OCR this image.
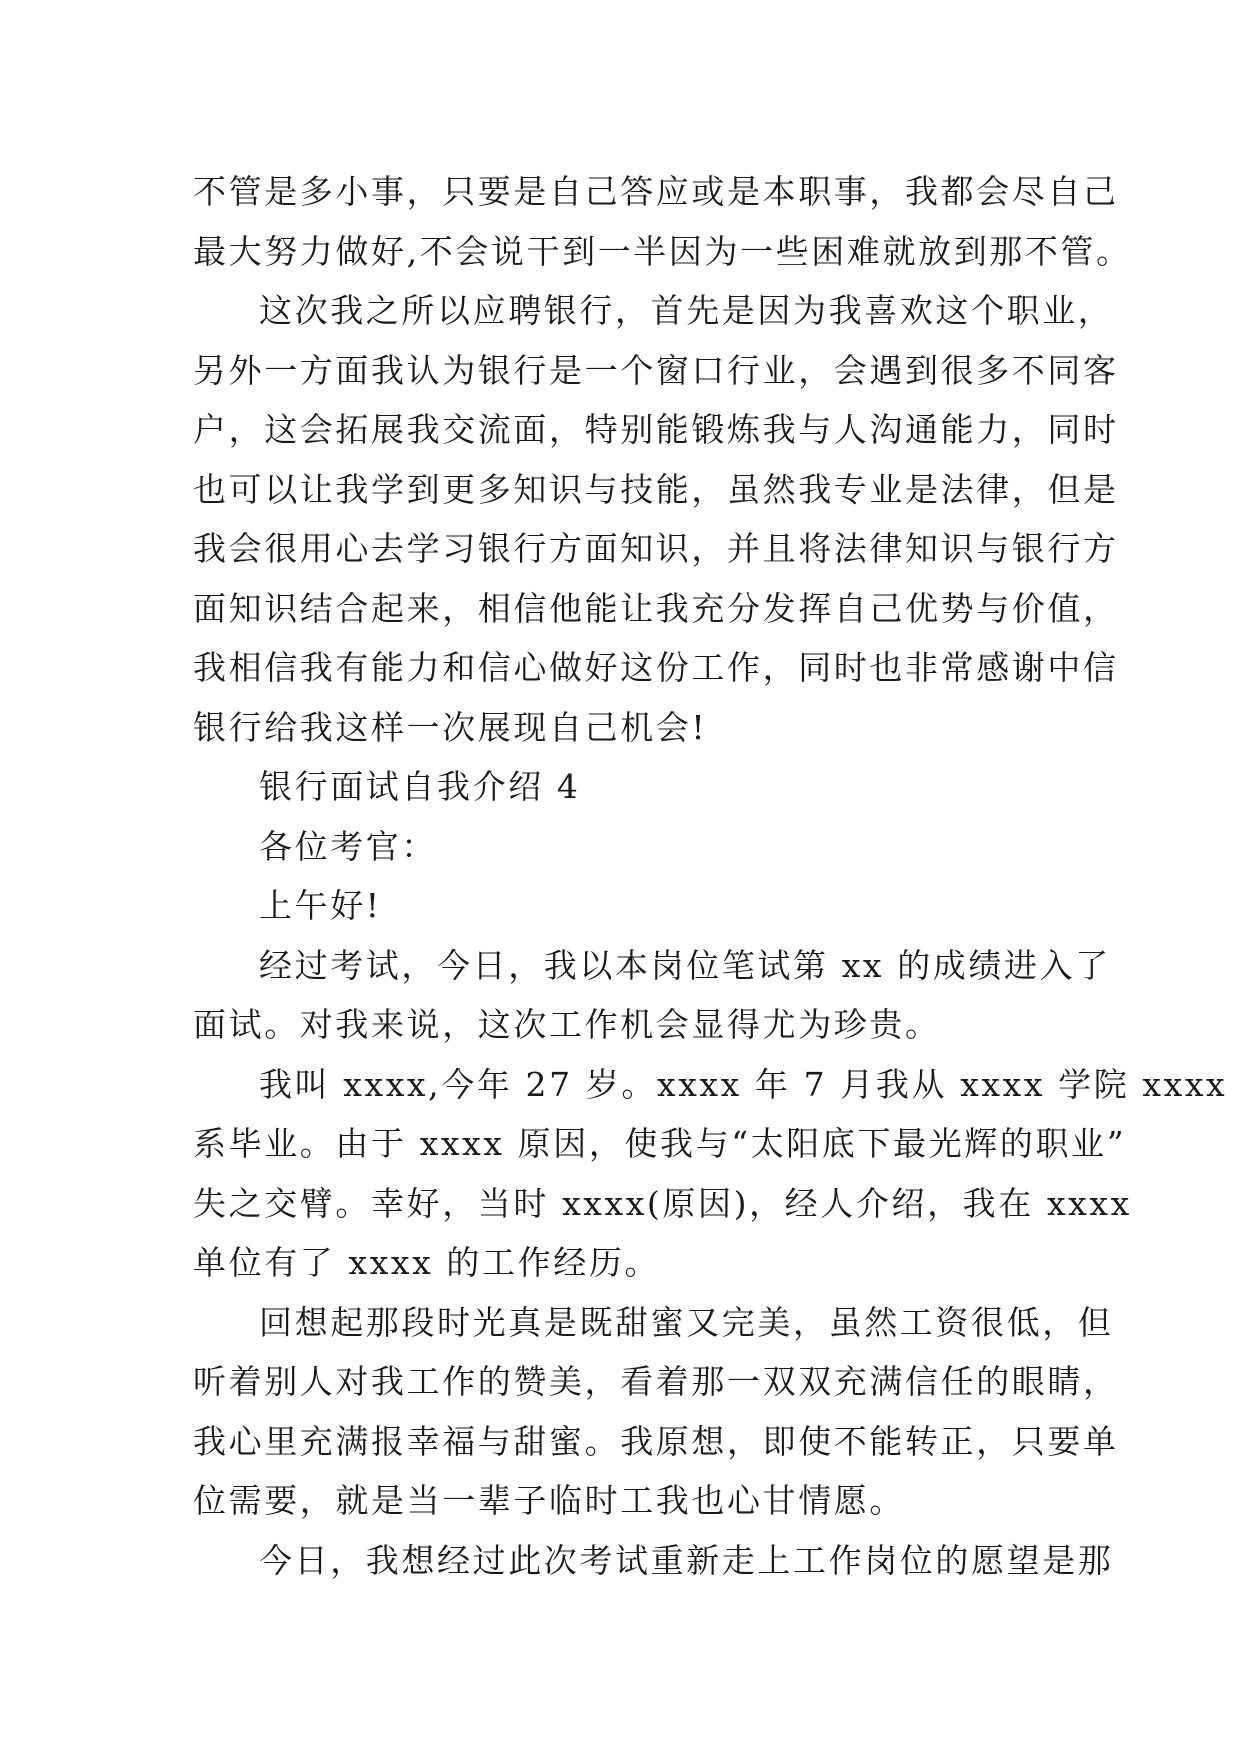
不管是多小事，只要是自己答应或是本职事，我都会尽自己
最大努力做好,不会说干到一半因为一些困难就放到那不管。
这次我之所以应聘银行，首先是因为我喜欢这个职业，
另外一方面我认为银行是一个窗口行业，会遇到很多不同客
户，这会拓展我交流面，特别能锻炼我与人沟通能力，同时
也可以让我学到更多知识与技能，虽然我专业是法律，但是
我会很用心去学习银行方面知识，并且将法律知识与银行方
面知识结合起来，相信他能让我充分发挥自己优势与价值，
我相信我有能力和信心做好这份工作，同时也非常感谢中信
银行给我这样一次展现自己机会!
银行面试自我介绍 4
各位考官：
上午好!
经过考试，今日，我以本岗位笔试第 xx 的成绩进入了
面试。对我来说，这次工作机会显得尤为珍贵。
我叫 xxxx,今年 27 岁。xxxx 年 7 月我从 xxxx 学院 xxxx
系毕业。由于 xxxx 原因，使我与“太阳底下最光辉的职业”
失之交臂。幸好，当时 xxxx(原因)，经人介绍，我在 xxxx
单位有了 xxxx 的工作经历。
回想起那段时光真是既甜蜜又完美，虽然工资很低，但
听着别人对我工作的赞美，看着那一双双充满信任的眼睛，
我心里充满报幸福与甜蜜。我原想，即使不能转正，只要单
位需要，就是当一辈子临时工我也心甘情愿。
今日，我想经过此次考试重新走上工作岗位的愿望是那
